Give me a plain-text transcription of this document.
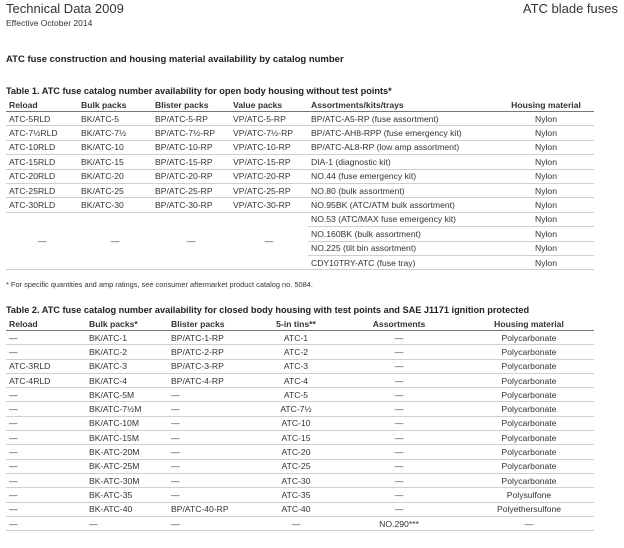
Technical Data 2009
Effective October 2014
ATC blade fuses
ATC fuse construction and housing material availability by catalog number
Table 1. ATC fuse catalog number availability for open body housing without test points*
Reload	Bulk packs	Blister packs	Value packs	Assortments/kits/trays	Housing material
ATC-5RLD	BK/ATC-5	BP/ATC-5-RP	VP/ATC-5-RP	BP/ATC-A5-RP (fuse assortment)	Nylon
ATC-7½RLD	BK/ATC-7½	BP/ATC-7½-RP	VP/ATC-7½-RP	BP/ATC-AH8-RPP (fuse emergency kit)	Nylon
ATC-10RLD	BK/ATC-10	BP/ATC-10-RP	VP/ATC-10-RP	BP/ATC-AL8-RP (low amp assortment)	Nylon
ATC-15RLD	BK/ATC-15	BP/ATC-15-RP	VP/ATC-15-RP	DIA-1 (diagnostic kit)	Nylon
ATC-20RLD	BK/ATC-20	BP/ATC-20-RP	VP/ATC-20-RP	NO.44 (fuse emergency kit)	Nylon
ATC-25RLD	BK/ATC-25	BP/ATC-25-RP	VP/ATC-25-RP	NO.80 (bulk assortment)	Nylon
ATC-30RLD	BK/ATC-30	BP/ATC-30-RP	VP/ATC-30-RP	NO.95BK (ATC/ATM bulk assortment)	Nylon
—	—	—	—	NO.53 (ATC/MAX fuse emergency kit)	Nylon
				NO.160BK (bulk assortment)	Nylon
				NO.225 (tilt bin assortment)	Nylon
				CDY10TRY-ATC (fuse tray)	Nylon
* For specific quantities and amp ratings, see consumer aftermarket product catalog no. 5084.
Table 2. ATC fuse catalog number availability for closed body housing with test points and SAE J1171 ignition protected
Reload	Bulk packs*	Blister packs	5-in tins**	Assortments	Housing material
—	BK/ATC-1	BP/ATC-1-RP	ATC-1	—	Polycarbonate
—	BK/ATC-2	BP/ATC-2-RP	ATC-2	—	Polycarbonate
ATC-3RLD	BK/ATC-3	BP/ATC-3-RP	ATC-3	—	Polycarbonate
ATC-4RLD	BK/ATC-4	BP/ATC-4-RP	ATC-4	—	Polycarbonate
—	BK/ATC-5M	—	ATC-5	—	Polycarbonate
—	BK/ATC-7½M	—	ATC-7½	—	Polycarbonate
—	BK/ATC-10M	—	ATC-10	—	Polycarbonate
—	BK/ATC-15M	—	ATC-15	—	Polycarbonate
—	BK-ATC-20M	—	ATC-20	—	Polycarbonate
—	BK-ATC-25M	—	ATC-25	—	Polycarbonate
—	BK-ATC-30M	—	ATC-30	—	Polycarbonate
—	BK-ATC-35	—	ATC-35	—	Polysulfone
—	BK-ATC-40	BP/ATC-40-RP	ATC-40	—	Polyethersulfone
—	—	—	—	NO.290***	—
